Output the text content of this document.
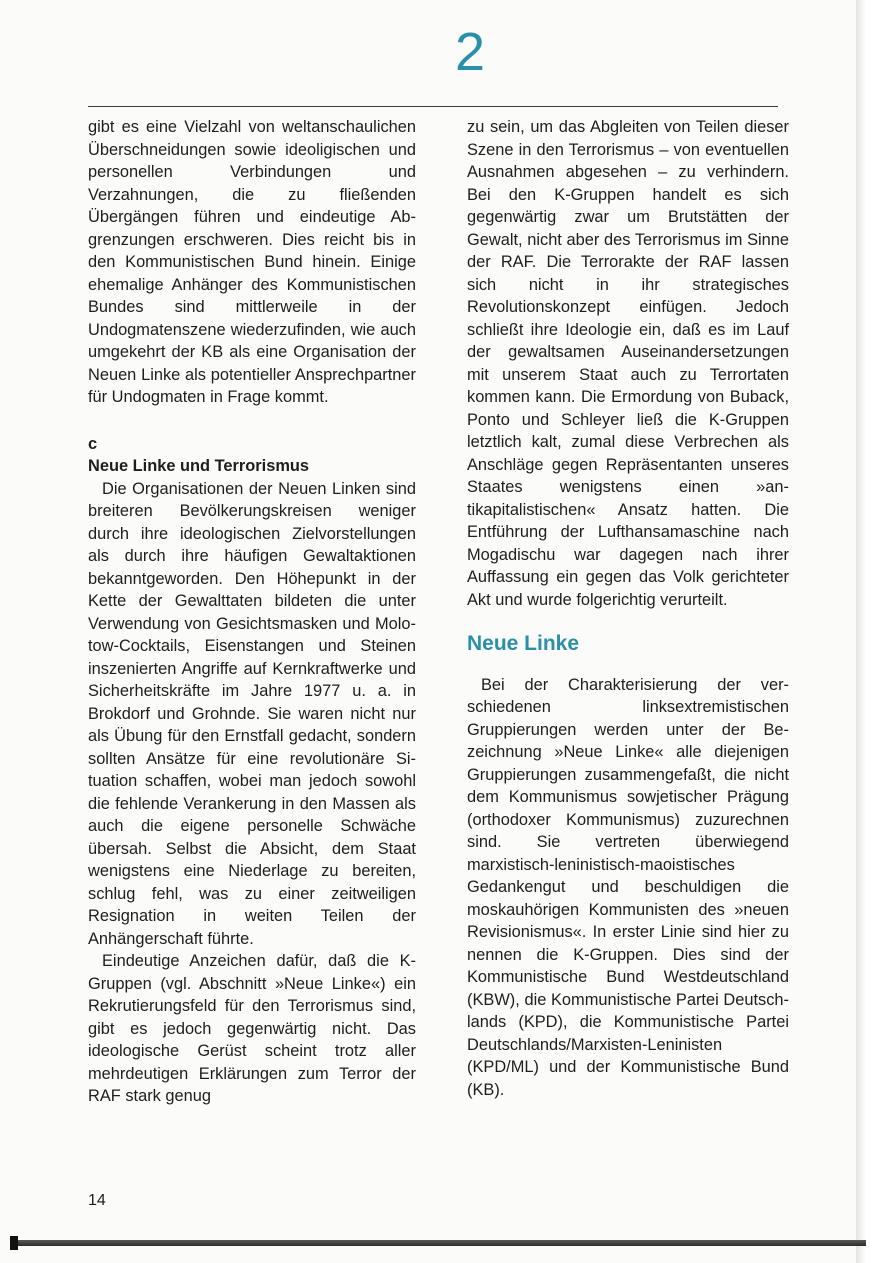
2

gibt es eine Vielzahl von weltanschaulichen Überschneidungen sowie ideoligischen und personellen Verbindungen und Verzahnungen, die zu fließenden Übergängen führen und eindeutige Abgrenzungen erschweren. Dies reicht bis in den Kommunistischen Bund hinein. Einige ehemalige Anhänger des Kommunistischen Bundes sind mittlerweile in der Undogmatenszene wiederzufinden, wie auch umgekehrt der KB als eine Organisation der Neuen Linke als potentieller Ansprechpartner für Undogmaten in Frage kommt.

c

Neue Linke und Terrorismus

Die Organisationen der Neuen Linken sind breiteren Bevölkerungskreisen weniger durch ihre ideologischen Zielvorstellungen als durch ihre häufigen Gewaltaktionen bekanntgeworden. Den Höhepunkt in der Kette der Gewalttaten bildeten die unter Verwendung von Gesichtsmasken und Molotow-Cocktails, Eisenstangen und Steinen inszenierten Angriffe auf Kernkraftwerke und Sicherheitskräfte im Jahre 1977 u. a. in Brokdorf und Grohnde. Sie waren nicht nur als Übung für den Ernstfall gedacht, sondern sollten Ansätze für eine revolutionäre Situation schaffen, wobei man jedoch sowohl die fehlende Verankerung in den Massen als auch die eigene personelle Schwäche übersah. Selbst die Absicht, dem Staat wenigstens eine Niederlage zu bereiten, schlug fehl, was zu einer zeitweiligen Resignation in weiten Teilen der Anhängerschaft führte.

Eindeutige Anzeichen dafür, daß die K-Gruppen (vgl. Abschnitt »Neue Linke«) ein Rekrutierungsfeld für den Terrorismus sind, gibt es jedoch gegenwärtig nicht. Das ideologische Gerüst scheint trotz aller mehrdeutigen Erklärungen zum Terror der RAF stark genug

zu sein, um das Abgleiten von Teilen dieser Szene in den Terrorismus – von eventuellen Ausnahmen abgesehen – zu verhindern. Bei den K-Gruppen handelt es sich gegenwärtig zwar um Brutstätten der Gewalt, nicht aber des Terrorismus im Sinne der RAF. Die Terrorakte der RAF lassen sich nicht in ihr strategisches Revolutionskonzept einfügen. Jedoch schließt ihre Ideologie ein, daß es im Lauf der gewaltsamen Auseinandersetzungen mit unserem Staat auch zu Terrortaten kommen kann. Die Ermordung von Buback, Ponto und Schleyer ließ die K-Gruppen letztlich kalt, zumal diese Verbrechen als Anschläge gegen Repräsentanten unseres Staates wenigstens einen »antikapitalistischen« Ansatz hatten. Die Entführung der Lufthansamaschine nach Mogadischu war dagegen nach ihrer Auffassung ein gegen das Volk gerichteter Akt und wurde folgerichtig verurteilt.

Neue Linke

Bei der Charakterisierung der verschiedenen linksextremistischen Gruppierungen werden unter der Bezeichnung »Neue Linke« alle diejenigen Gruppierungen zusammengefaßt, die nicht dem Kommunismus sowjetischer Prägung (orthodoxer Kommunismus) zuzurechnen sind. Sie vertreten überwiegend marxistisch-leninistisch-maoistisches Gedankengut und beschuldigen die moskauhörigen Kommunisten des »neuen Revisionismus«. In erster Linie sind hier zu nennen die K-Gruppen. Dies sind der Kommunistische Bund Westdeutschland (KBW), die Kommunistische Partei Deutschlands (KPD), die Kommunistische Partei Deutschlands/Marxisten-Leninisten (KPD/ML) und der Kommunistische Bund (KB).

14
